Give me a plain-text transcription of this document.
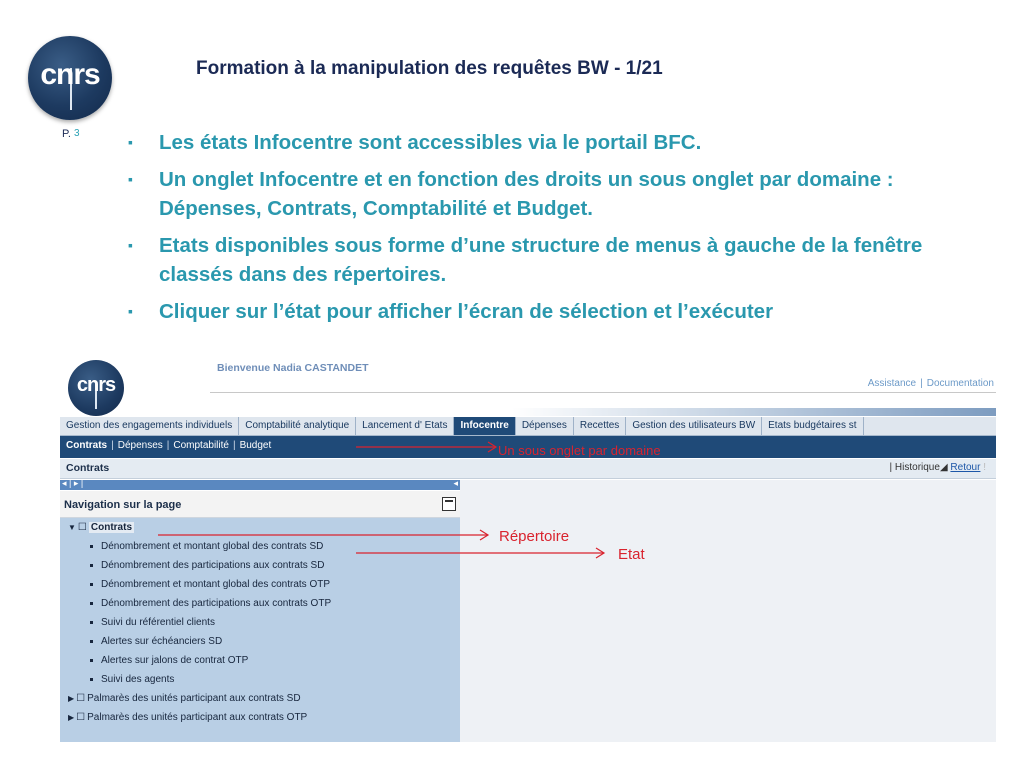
cnrs	Formation à la manipulation des requêtes BW - 1/21
P. 3
▪ Les états Infocentre sont accessibles via le portail BFC.
▪ Un onglet Infocentre et en fonction des droits un sous onglet par domaine : Dépenses, Contrats, Comptabilité et Budget.
▪ Etats disponibles sous forme d’une structure de menus à gauche de la fenêtre classés dans des répertoires.
▪ Cliquer sur l’état pour afficher l’écran de sélection et l’exécuter
cnrs
Bienvenue Nadia CASTANDET
Assistance | Documentation
Gestion des engagements individuels	Comptabilité analytique	Lancement d' Etats	Infocentre	Dépenses	Recettes	Gestion des utilisateurs BW	Etats budgétaires st
Contrats | Dépenses | Comptabilité | Budget	Un sous onglet par domaine
Contrats	| Historique◢ Retour !
◂ | ▸ |	◂
Navigation sur la page
▼ ☐ Contrats
Dénombrement et montant global des contrats SD
Dénombrement des participations aux contrats SD
Dénombrement et montant global des contrats OTP
Dénombrement des participations aux contrats OTP
Suivi du référentiel clients
Alertes sur échéanciers SD
Alertes sur jalons de contrat OTP
Suivi des agents
▶ ☐ Palmarès des unités participant aux contrats SD
▶ ☐ Palmarès des unités participant aux contrats OTP
Répertoire
Etat
